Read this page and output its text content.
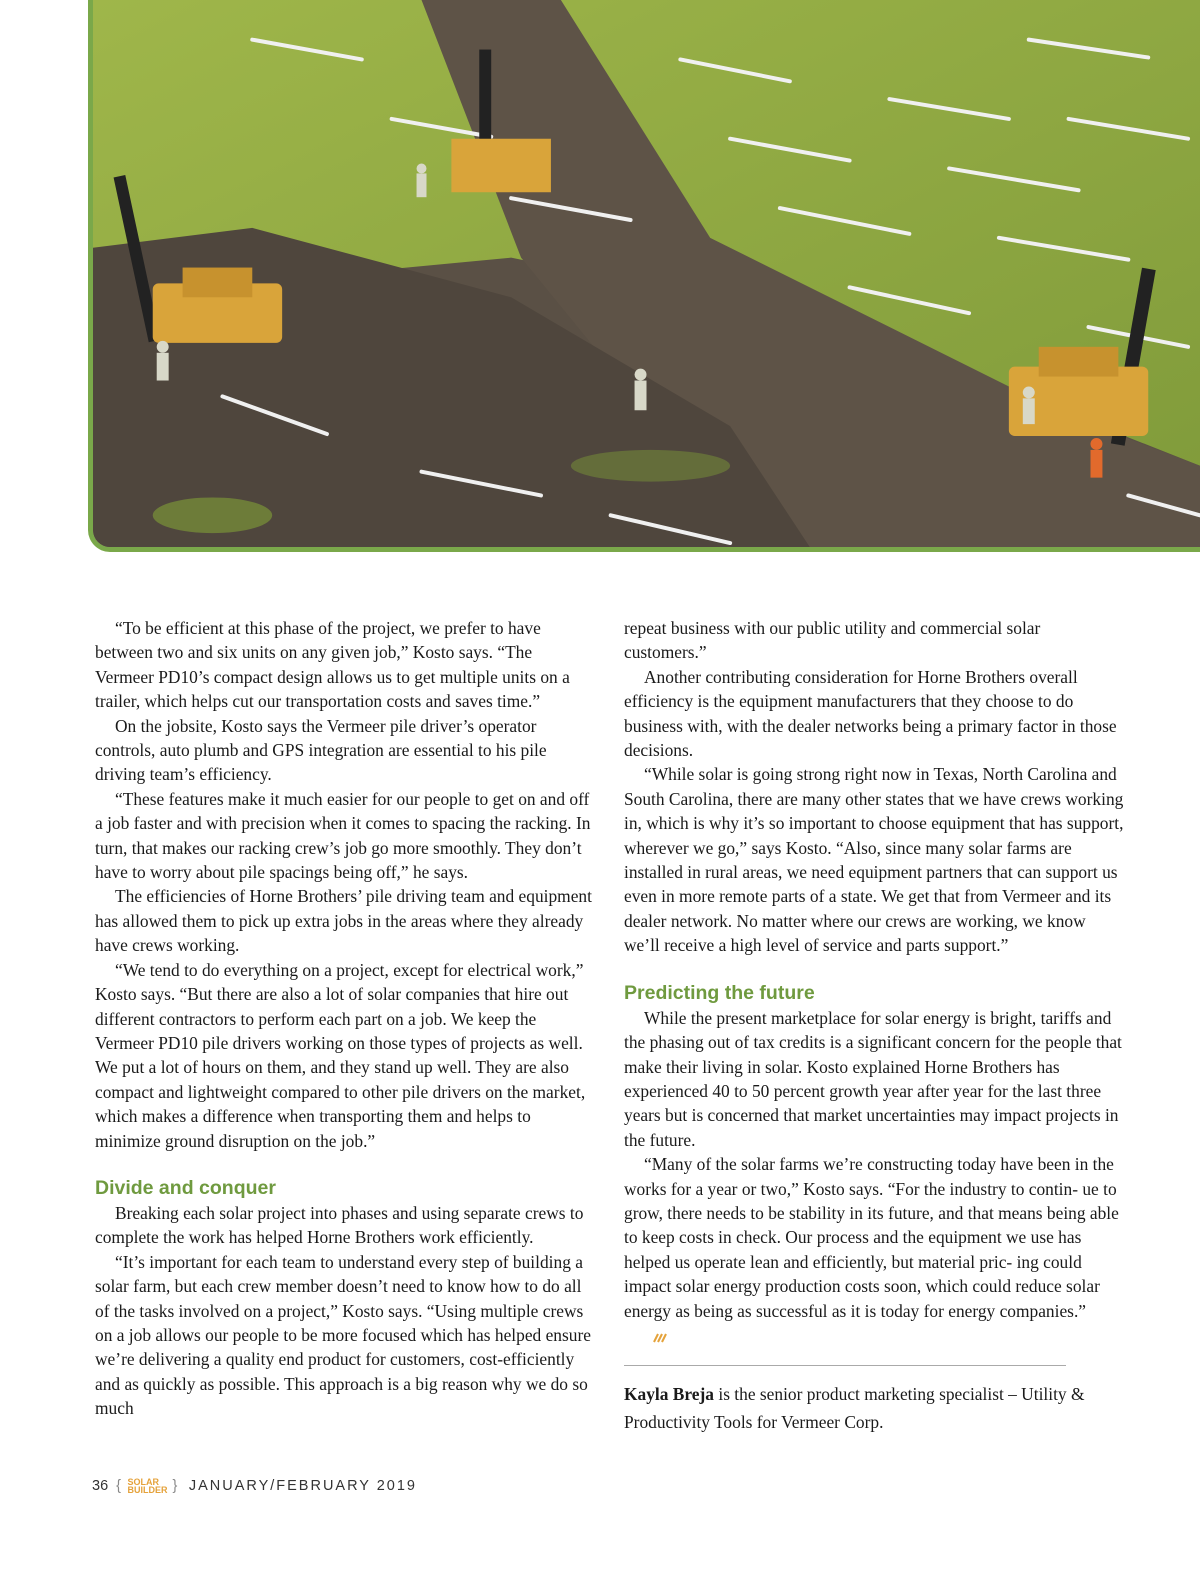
“To be efficient at this phase of the project, we prefer to have between two and six units on any given job,” Kosto says. “The Vermeer PD10’s compact design allows us to get multiple units on a trailer, which helps cut our transportation costs and saves time.”

On the jobsite, Kosto says the Vermeer pile driver’s operator controls, auto plumb and GPS integration are essential to his pile driving team’s efficiency.

“These features make it much easier for our people to get on and off a job faster and with precision when it comes to spacing the racking. In turn, that makes our racking crew’s job go more smoothly. They don’t have to worry about pile spacings being off,” he says.

The efficiencies of Horne Brothers’ pile driving team and equipment has allowed them to pick up extra jobs in the areas where they already have crews working.

“We tend to do everything on a project, except for electrical work,” Kosto says. “But there are also a lot of solar companies that hire out different contractors to perform each part on a job. We keep the Vermeer PD10 pile drivers working on those types of projects as well. We put a lot of hours on them, and they stand up well. They are also compact and lightweight compared to other pile drivers on the market, which makes a difference when transporting them and helps to minimize ground disruption on the job.”

Divide and conquer

Breaking each solar project into phases and using separate crews to complete the work has helped Horne Brothers work efficiently.

“It’s important for each team to understand every step of building a solar farm, but each crew member doesn’t need to know how to do all of the tasks involved on a project,” Kosto says. “Using multiple crews on a job allows our people to be more focused which has helped ensure we’re delivering a quality end product for customers, cost-efficiently and as quickly as possible. This approach is a big reason why we do so much

repeat business with our public utility and commercial solar customers.”

Another contributing consideration for Horne Brothers overall efficiency is the equipment manufacturers that they choose to do business with, with the dealer networks being a primary factor in those decisions.

“While solar is going strong right now in Texas, North Carolina and South Carolina, there are many other states that we have crews working in, which is why it’s so important to choose equipment that has support, wherever we go,” says Kosto. “Also, since many solar farms are installed in rural areas, we need equipment partners that can support us even in more remote parts of a state. We get that from Vermeer and its dealer network. No matter where our crews are working, we know we’ll receive a high level of service and parts support.”

Predicting the future

While the present marketplace for solar energy is bright, tariffs and the phasing out of tax credits is a significant concern for the people that make their living in solar. Kosto explained Horne Brothers has experienced 40 to 50 percent growth year after year for the last three years but is concerned that market uncertainties may impact projects in the future.

“Many of the solar farms we’re constructing today have been in the works for a year or two,” Kosto says. “For the industry to contin- ue to grow, there needs to be stability in its future, and that means being able to keep costs in check. Our process and the equipment we use has helped us operate lean and efficiently, but material pric- ing could impact solar energy production costs soon, which could reduce solar energy as being as successful as it is today for energy companies.”

Kayla Breja is the senior product marketing specialist – Utility & Productivity Tools for Vermeer Corp.

36 { SOLAR
BUILDER } JANUARY/FEBRUARY 2019
